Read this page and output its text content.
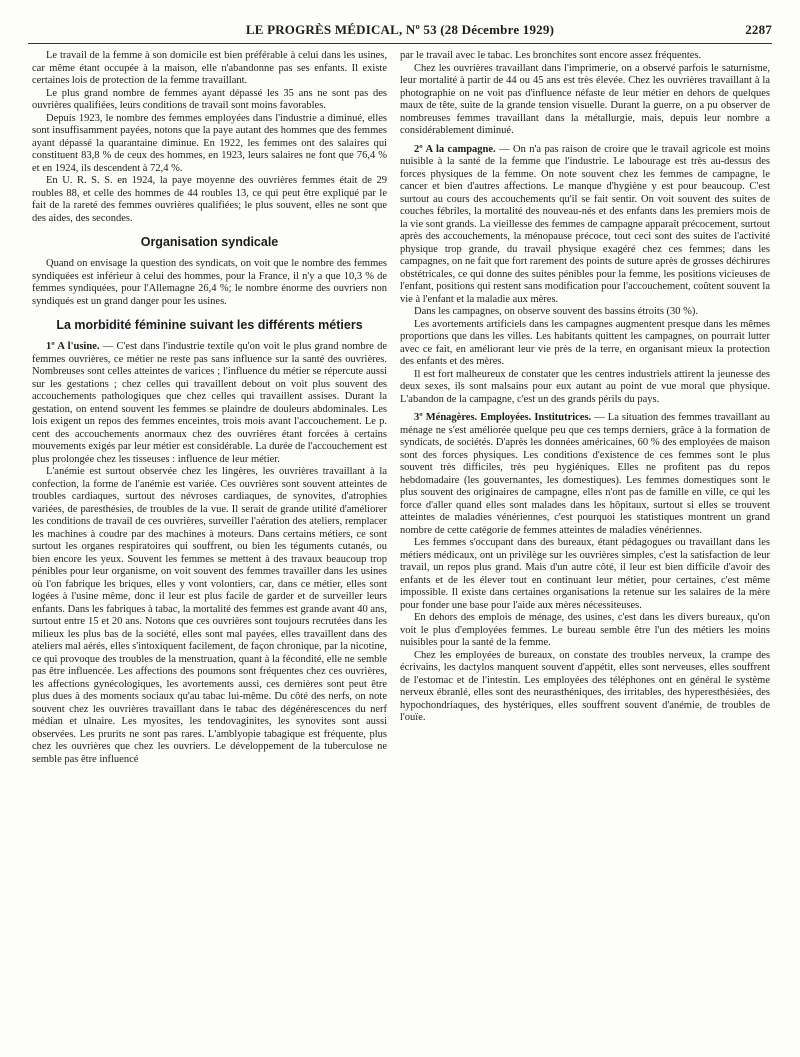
LE PROGRÈS MÉDICAL, Nº 53 (28 Décembre 1929)	2287

Le travail de la femme à son domicile est bien préférable à celui dans les usines, car même étant occupée à la maison, elle n'abandonne pas ses enfants. Il existe certaines lois de protection de la femme travaillant.

Le plus grand nombre de femmes ayant dépassé les 35 ans ne sont pas des ouvrières qualifiées, leurs conditions de travail sont moins favorables.

Depuis 1923, le nombre des femmes employées dans l'industrie a diminué, elles sont insuffisamment payées, notons que la paye autant des hommes que des femmes ayant dépassé la quarantaine diminue. En 1922, les femmes ont des salaires qui constituent 83,8 % de ceux des hommes, en 1923, leurs salaires ne font que 76,4 % et en 1924, ils descendent à 72,4 %.

En U. R. S. S. en 1924, la paye moyenne des ouvrières femmes était de 29 roubles 88, et celle des hommes de 44 roubles 13, ce qui peut être expliqué par le fait de la rareté des femmes ouvrières qualifiées; le plus souvent, elles ne sont que des aides, des secondes.

Organisation syndicale

Quand on envisage la question des syndicats, on voit que le nombre des femmes syndiquées est inférieur à celui des hommes, pour la France, il n'y a que 10,3 % de femmes syndiquées, pour l'Allemagne 26,4 %; le nombre énorme des ouvriers non syndiqués est un grand danger pour les usines.

La morbidité féminine suivant les différents métiers

1º A l'usine. — C'est dans l'industrie textile qu'on voit le plus grand nombre de femmes ouvrières, ce métier ne reste pas sans influence sur la santé des ouvrières. Nombreuses sont celles atteintes de varices ; l'influence du métier se répercute aussi sur les gestations ; chez celles qui travaillent debout on voit plus souvent des accouchements pathologiques que chez celles qui travaillent assises. Durant la gestation, on entend souvent les femmes se plaindre de douleurs abdominales. Les lois exigent un repos des femmes enceintes, trois mois avant l'accouchement. Le p. cent des accouchements anormaux chez des ouvrières étant forcées à certains mouvements exigés par leur métier est considérable. La durée de l'accouchement est plus prolongée chez les tisseuses : influence de leur métier.

L'anémie est surtout observée chez les lingères, les ouvrières travaillant à la confection, la forme de l'anémie est variée. Ces ouvrières sont souvent atteintes de troubles cardiaques, surtout des névroses cardiaques, de synovites, d'atrophies variées, de paresthésies, de troubles de la vue. Il serait de grande utilité d'améliorer les conditions de travail de ces ouvrières, surveiller l'aération des ateliers, remplacer les machines à coudre par des machines à moteurs. Dans certains métiers, ce sont surtout les organes respiratoires qui souffrent, ou bien les téguments cutanés, ou bien encore les yeux. Souvent les femmes se mettent à des travaux beaucoup trop pénibles pour leur organisme, on voit souvent des femmes travailler dans les usines où l'on fabrique les briques, elles y vont volontiers, car, dans ce métier, elles sont logées à l'usine même, donc il leur est plus facile de garder et de surveiller leurs enfants. Dans les fabriques à tabac, la mortalité des femmes est grande avant 40 ans, surtout entre 15 et 20 ans. Notons que ces ouvrières sont toujours recrutées dans les milieux les plus bas de la société, elles sont mal payées, elles travaillent dans des ateliers mal aérés, elles s'intoxiquent facilement, de façon chronique, par la nicotine, ce qui provoque des troubles de la menstruation, quant à la fécondité, elle ne semble pas être influencée. Les affections des poumons sont fréquentes chez ces ouvrières, les affections gynécologiques, les avortements aussi, ces dernières sont peut être plus dues à des moments sociaux qu'au tabac lui-même. Du côté des nerfs, on note souvent chez les ouvrières travaillant dans le tabac des dégénérescences du nerf médian et ulnaire. Les myosites, les tendovaginites, les synovites sont aussi observées. Les prurits ne sont pas rares. L'amblyopie tabagique est fréquente, plus chez les ouvrières que chez les ouvriers. Le développement de la tuberculose ne semble pas être influencé

par le travail avec le tabac. Les bronchites sont encore assez fréquentes.

Chez les ouvrières travaillant dans l'imprimerie, on a observé parfois le saturnisme, leur mortalité à partir de 44 ou 45 ans est très élevée. Chez les ouvrières travaillant à la photographie on ne voit pas d'influence néfaste de leur métier en dehors de quelques maux de tête, suite de la grande tension visuelle. Durant la guerre, on a pu observer de nombreuses femmes travaillant dans la métallurgie, mais, depuis leur nombre a considérablement diminué.

2º A la campagne. — On n'a pas raison de croire que le travail agricole est moins nuisible à la santé de la femme que l'industrie. Le labourage est très au-dessus des forces physiques de la femme. On note souvent chez les femmes de campagne, le cancer et bien d'autres affections. Le manque d'hygiène y est pour beaucoup. C'est surtout au cours des accouchements qu'il se fait sentir. On voit souvent des suites de couches fébriles, la mortalité des nouveau-nés et des enfants dans les premiers mois de la vie sont grands. La vieillesse des femmes de campagne apparaît précocement, surtout après des accouchements, la ménopause précoce, tout ceci sont des suites de l'activité physique trop grande, du travail physique exagéré chez ces femmes; dans les campagnes, on ne fait que fort rarement des points de suture après de grosses déchirures obstétricales, ce qui donne des suites pénibles pour la femme, les positions vicieuses de l'enfant, positions qui restent sans modification pour l'accouchement, coûtent souvent la vie à l'enfant et la maladie aux mères.

Dans les campagnes, on observe souvent des bassins étroits (30 %).

Les avortements artificiels dans les campagnes augmentent presque dans les mêmes proportions que dans les villes. Les habitants quittent les campagnes, on pourrait lutter avec ce fait, en améliorant leur vie près de la terre, en organisant mieux la protection des enfants et des mères.

Il est fort malheureux de constater que les centres industriels attirent la jeunesse des deux sexes, ils sont malsains pour eux autant au point de vue moral que physique. L'abandon de la campagne, c'est un des grands périls du pays.

3º Ménagères. Employées. Institutrices. — La situation des femmes travaillant au ménage ne s'est améliorée quelque peu que ces temps derniers, grâce à la formation de syndicats, de sociétés. D'après les données américaines, 60 % des employées de maison sont des forces physiques. Les conditions d'existence de ces femmes sont le plus souvent très difficiles, très peu hygiéniques. Elles ne profitent pas du repos hebdomadaire (les gouvernantes, les domestiques). Les femmes domestiques sont le plus souvent des originaires de campagne, elles n'ont pas de famille en ville, ce qui les force d'aller quand elles sont malades dans les hôpitaux, surtout si elles se trouvent atteintes de maladies vénériennes, c'est pourquoi les statistiques montrent un grand nombre de cette catégorie de femmes atteintes de maladies vénériennes.

Les femmes s'occupant dans des bureaux, étant pédagogues ou travaillant dans les métiers médicaux, ont un privilège sur les ouvrières simples, c'est la satisfaction de leur travail, un repos plus grand. Mais d'un autre côté, il leur est bien difficile d'avoir des enfants et de les élever tout en continuant leur métier, pour certaines, c'est même impossible. Il existe dans certaines organisations la retenue sur les salaires de la mère pour fonder une base pour l'aide aux mères nécessiteuses.

En dehors des emplois de ménage, des usines, c'est dans les divers bureaux, qu'on voit le plus d'employées femmes. Le bureau semble être l'un des métiers les moins nuisibles pour la santé de la femme.

Chez les employées de bureaux, on constate des troubles nerveux, la crampe des écrivains, les dactylos manquent souvent d'appétit, elles sont nerveuses, elles souffrent de l'estomac et de l'intestin. Les employées des téléphones ont en général le système nerveux ébranlé, elles sont des neurasthéniques, des irritables, des hyperesthésiées, des hypochondriaques, des hystériques, elles souffrent souvent d'anémie, de troubles de l'ouïe.
